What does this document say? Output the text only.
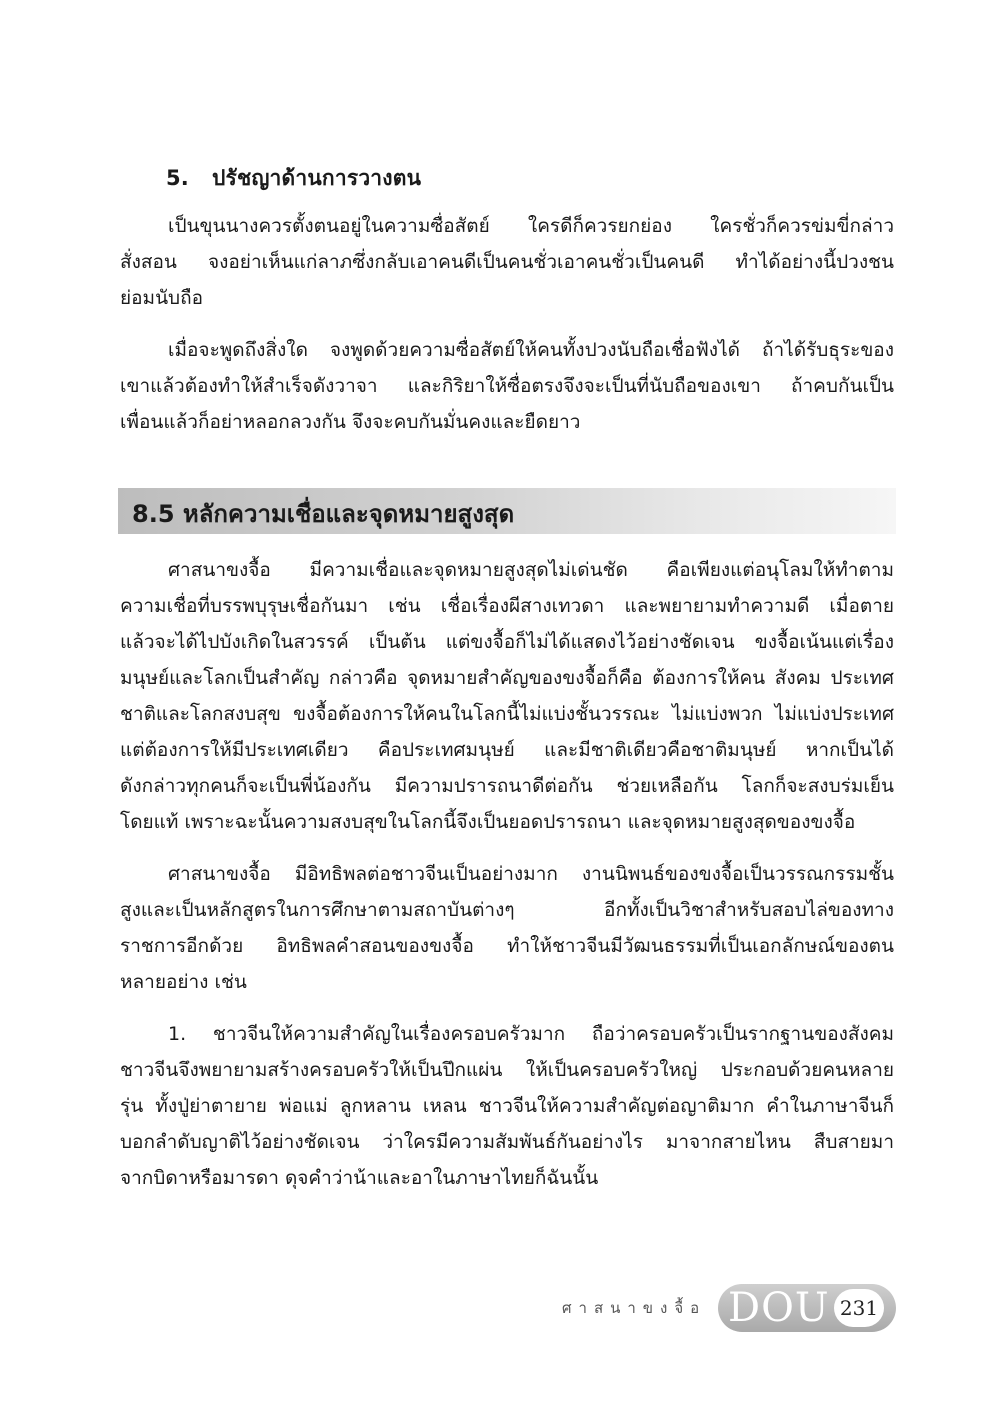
5. ปรัชญาด้านการวางตน
เป็นขุนนางควรตั้งตนอยู่ในความซื่อสัตย์ ใครดีก็ควรยกย่อง ใครชั่วก็ควรข่มขี่กล่าว
สั่งสอน จงอย่าเห็นแก่ลาภซึ่งกลับเอาคนดีเป็นคนชั่วเอาคนชั่วเป็นคนดี ทำได้อย่างนี้ปวงชน
ย่อมนับถือ
เมื่อจะพูดถึงสิ่งใด จงพูดด้วยความซื่อสัตย์ให้คนทั้งปวงนับถือเชื่อฟังได้ ถ้าได้รับธุระของ
เขาแล้วต้องทำให้สำเร็จดังวาจา และกิริยาให้ซื่อตรงจึงจะเป็นที่นับถือของเขา ถ้าคบกันเป็น
เพื่อนแล้วก็อย่าหลอกลวงกัน จึงจะคบกันมั่นคงและยืดยาว
8.5 หลักความเชื่อและจุดหมายสูงสุด
ศาสนาขงจื้อ มีความเชื่อและจุดหมายสูงสุดไม่เด่นชัด คือเพียงแต่อนุโลมให้ทำตาม
ความเชื่อที่บรรพบุรุษเชื่อกันมา เช่น เชื่อเรื่องผีสางเทวดา และพยายามทำความดี เมื่อตาย
แล้วจะได้ไปบังเกิดในสวรรค์ เป็นต้น แต่ขงจื้อก็ไม่ได้แสดงไว้อย่างชัดเจน ขงจื้อเน้นแต่เรื่อง
มนุษย์และโลกเป็นสำคัญ กล่าวคือ จุดหมายสำคัญของขงจื้อก็คือ ต้องการให้คน สังคม ประเทศ
ชาติและโลกสงบสุข ขงจื้อต้องการให้คนในโลกนี้ไม่แบ่งชั้นวรรณะ ไม่แบ่งพวก ไม่แบ่งประเทศ
แต่ต้องการให้มีประเทศเดียว คือประเทศมนุษย์ และมีชาติเดียวคือชาติมนุษย์ หากเป็นได้
ดังกล่าวทุกคนก็จะเป็นพี่น้องกัน มีความปรารถนาดีต่อกัน ช่วยเหลือกัน โลกก็จะสงบร่มเย็น
โดยแท้ เพราะฉะนั้นความสงบสุขในโลกนี้จึงเป็นยอดปรารถนา และจุดหมายสูงสุดของขงจื้อ
ศาสนาขงจื้อ มีอิทธิพลต่อชาวจีนเป็นอย่างมาก งานนิพนธ์ของขงจื้อเป็นวรรณกรรมชั้น
สูงและเป็นหลักสูตรในการศึกษาตามสถาบันต่างๆ อีกทั้งเป็นวิชาสำหรับสอบไล่ของทาง
ราชการอีกด้วย อิทธิพลคำสอนของขงจื้อ ทำให้ชาวจีนมีวัฒนธรรมที่เป็นเอกลักษณ์ของตน
หลายอย่าง เช่น
1. ชาวจีนให้ความสำคัญในเรื่องครอบครัวมาก ถือว่าครอบครัวเป็นรากฐานของสังคม
ชาวจีนจึงพยายามสร้างครอบครัวให้เป็นปึกแผ่น ให้เป็นครอบครัวใหญ่ ประกอบด้วยคนหลาย
รุ่น ทั้งปู่ย่าตายาย พ่อแม่ ลูกหลาน เหลน ชาวจีนให้ความสำคัญต่อญาติมาก คำในภาษาจีนก็
บอกลำดับญาติไว้อย่างชัดเจน ว่าใครมีความสัมพันธ์กันอย่างไร มาจากสายไหน สืบสายมา
จากบิดาหรือมารดา ดุจคำว่าน้าและอาในภาษาไทยก็ฉันนั้น
ศาสนาขงจื้อ DOU 231
